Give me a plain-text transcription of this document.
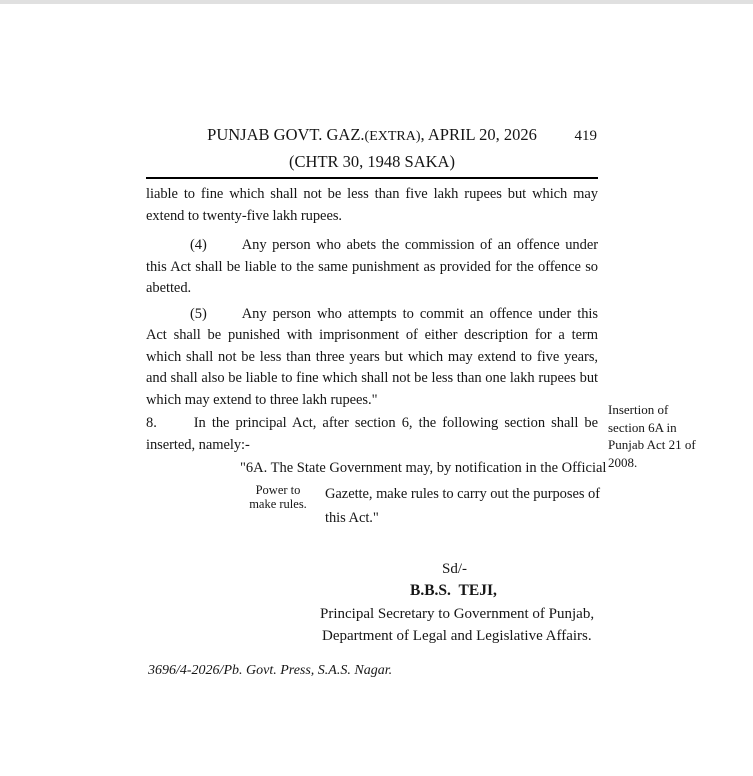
Insertion of section 6A in Punjab Act 21 of 2008.
PUNJAB GOVT. GAZ.(EXTRA), APRIL 20, 2026	419
(CHTR 30, 1948 SAKA)

liable to fine which shall not be less than five lakh rupees but which may extend to twenty-five lakh rupees.

(4) Any person who abets the commission of an offence under this Act shall be liable to the same punishment as provided for the offence so abetted.

(5) Any person who attempts to commit an offence under this Act shall be punished with imprisonment of either description for a term which shall not be less than three years but which may extend to five years, and shall also be liable to fine which shall not be less than one lakh rupees but which may extend to three lakh rupees."

8.	In the principal Act, after section 6, the following section shall be inserted, namely:-

"6A. The State Government may, by notification in the Official
Power to make rules.
Gazette, make rules to carry out the purposes of this Act."
Sd/-
B.B.S. TEJI,
Principal Secretary to Government of Punjab,
Department of Legal and Legislative Affairs.
3696/4-2026/Pb. Govt. Press, S.A.S. Nagar.
